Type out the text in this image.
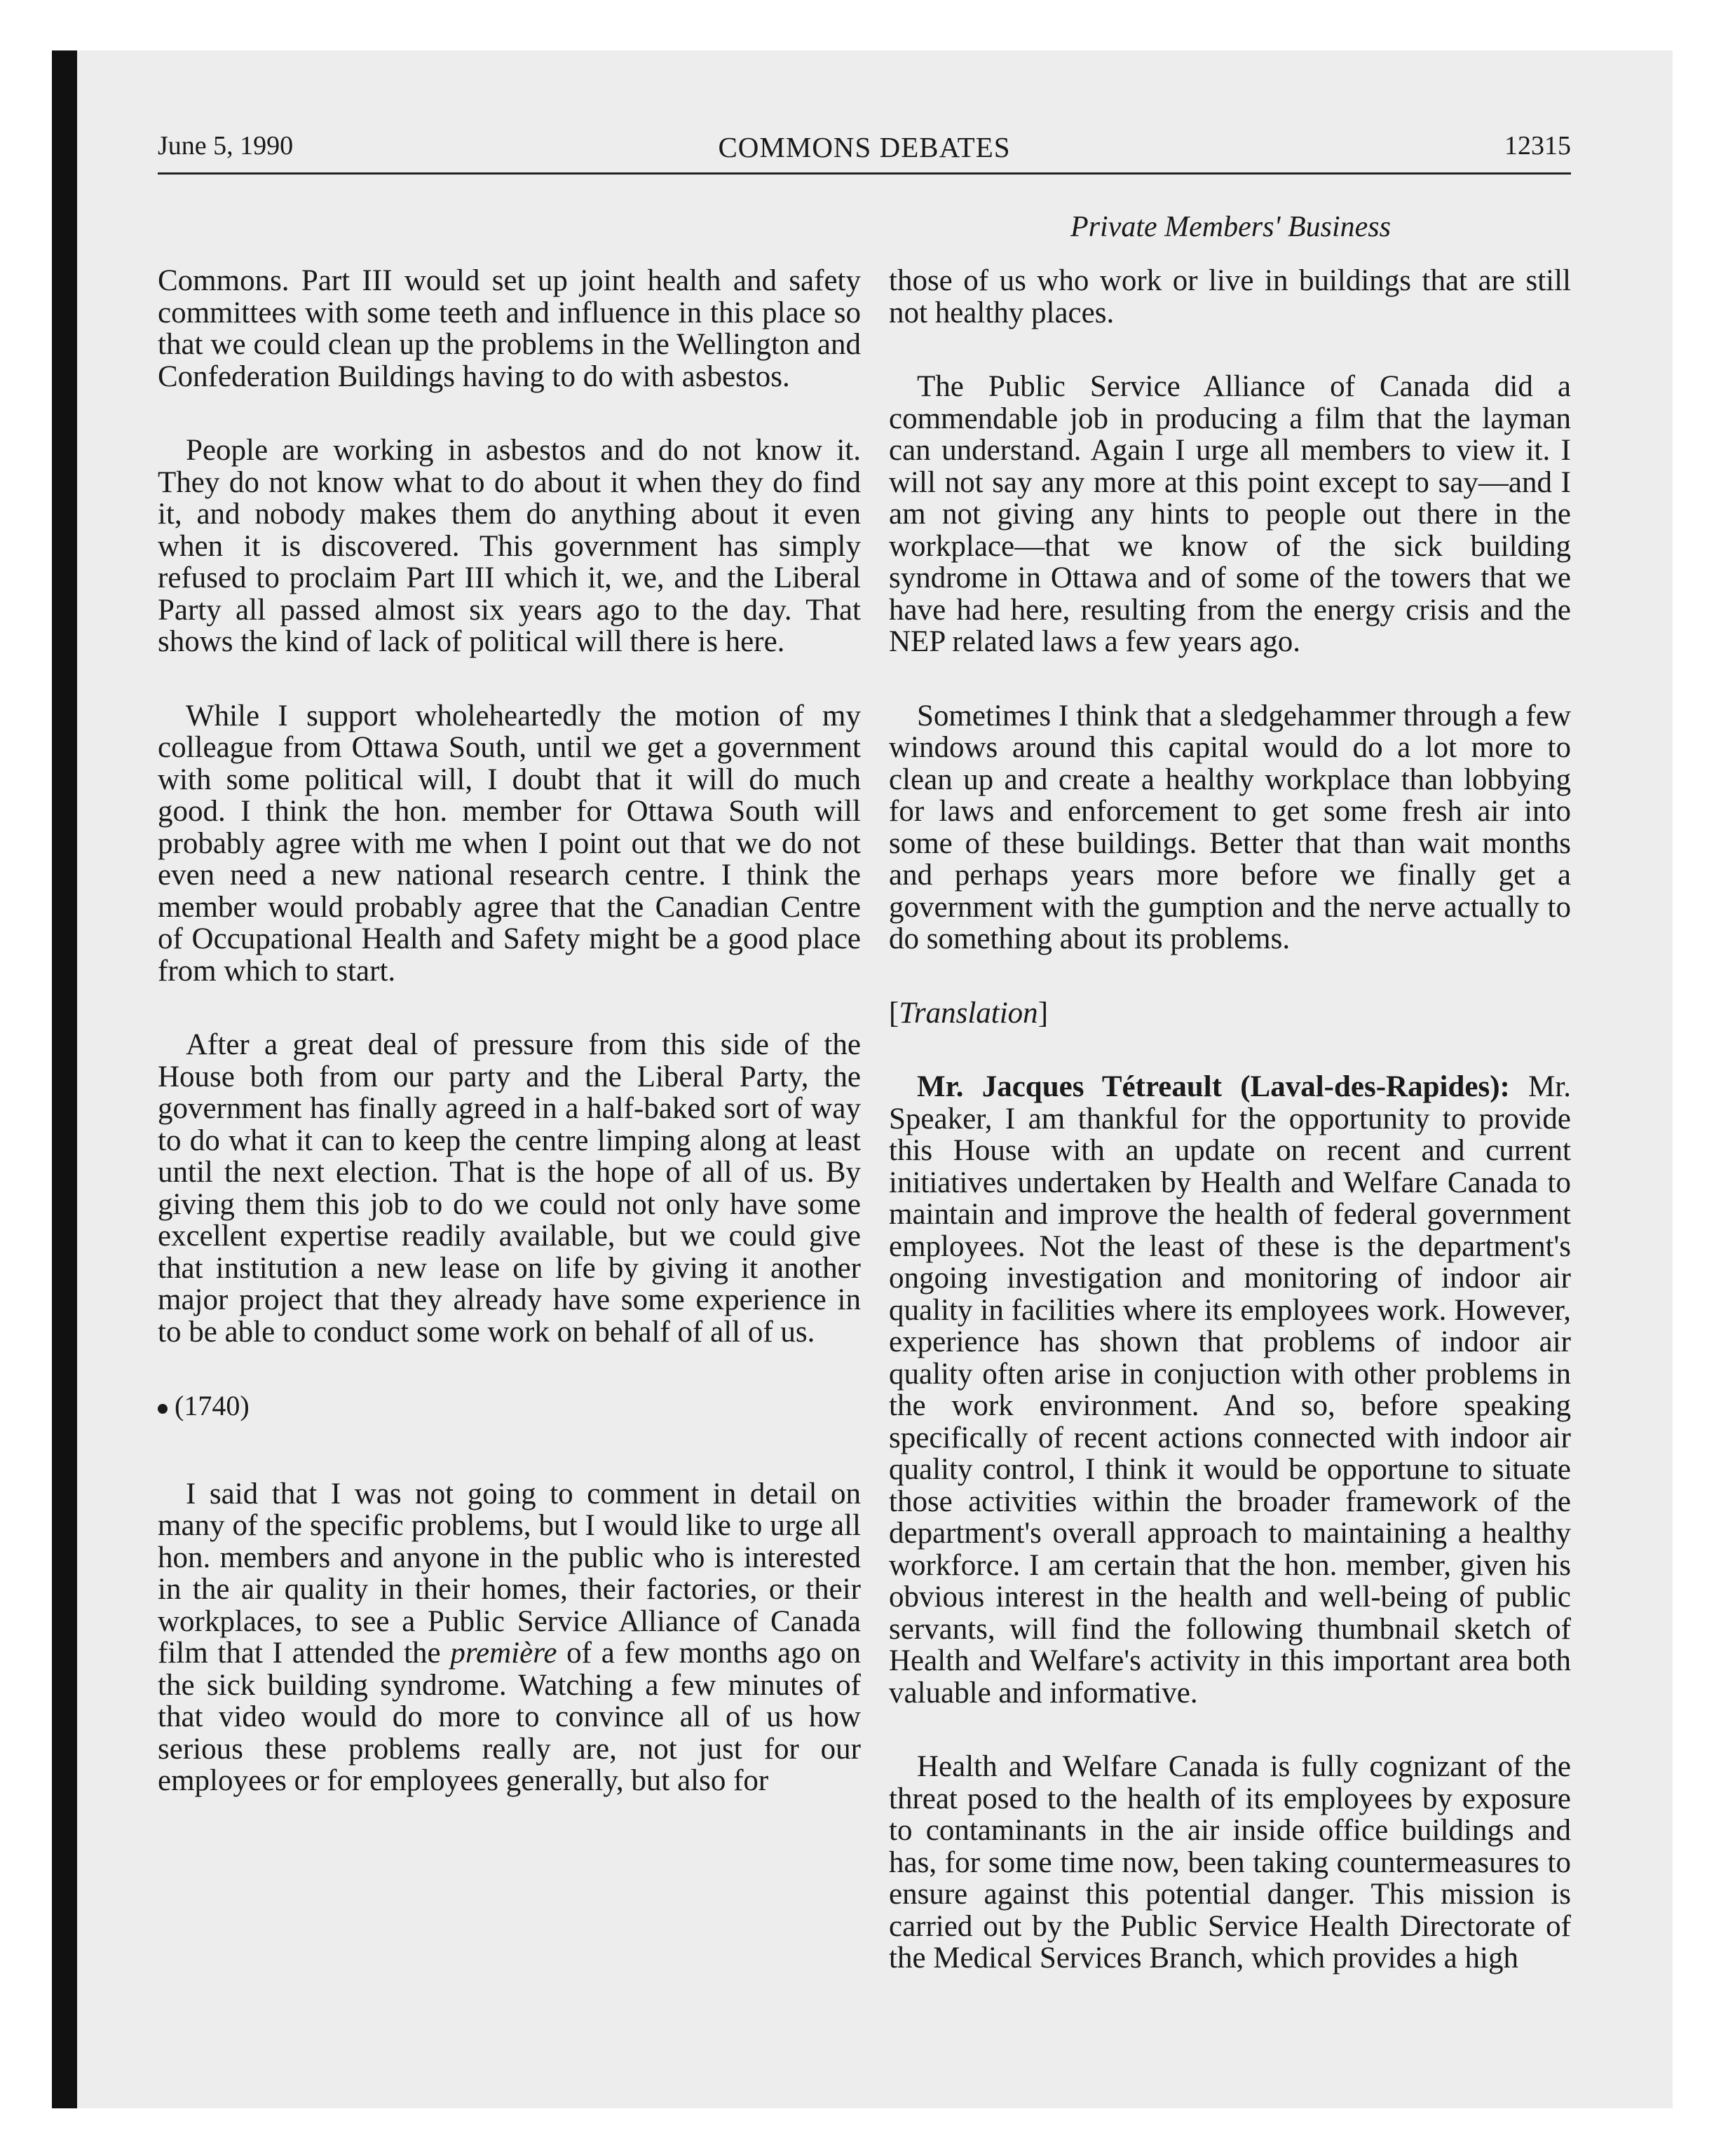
June 5, 1990	COMMONS DEBATES	12315
Private Members' Business

Commons. Part III would set up joint health and safety committees with some teeth and influence in this place so that we could clean up the problems in the Wellington and Confederation Buildings having to do with asbestos.

People are working in asbestos and do not know it. They do not know what to do about it when they do find it, and nobody makes them do anything about it even when it is discovered. This government has simply refused to proclaim Part III which it, we, and the Liberal Party all passed almost six years ago to the day. That shows the kind of lack of political will there is here.

While I support wholeheartedly the motion of my colleague from Ottawa South, until we get a government with some political will, I doubt that it will do much good. I think the hon. member for Ottawa South will probably agree with me when I point out that we do not even need a new national research centre. I think the member would probably agree that the Canadian Centre of Occupational Health and Safety might be a good place from which to start.

After a great deal of pressure from this side of the House both from our party and the Liberal Party, the government has finally agreed in a half-baked sort of way to do what it can to keep the centre limping along at least until the next election. That is the hope of all of us. By giving them this job to do we could not only have some excellent expertise readily available, but we could give that institution a new lease on life by giving it another major project that they already have some experience in to be able to conduct some work on behalf of all of us.

(1740)

I said that I was not going to comment in detail on many of the specific problems, but I would like to urge all hon. members and anyone in the public who is interested in the air quality in their homes, their factories, or their workplaces, to see a Public Service Alliance of Canada film that I attended the première of a few months ago on the sick building syndrome. Watching a few minutes of that video would do more to convince all of us how serious these problems really are, not just for our employees or for employees generally, but also for

those of us who work or live in buildings that are still not healthy places.

The Public Service Alliance of Canada did a commendable job in producing a film that the layman can understand. Again I urge all members to view it. I will not say any more at this point except to say—and I am not giving any hints to people out there in the workplace—that we know of the sick building syndrome in Ottawa and of some of the towers that we have had here, resulting from the energy crisis and the NEP related laws a few years ago.

Sometimes I think that a sledgehammer through a few windows around this capital would do a lot more to clean up and create a healthy workplace than lobbying for laws and enforcement to get some fresh air into some of these buildings. Better that than wait months and perhaps years more before we finally get a government with the gumption and the nerve actually to do something about its problems.

[Translation]

Mr. Jacques Tétreault (Laval-des-Rapides): Mr. Speaker, I am thankful for the opportunity to provide this House with an update on recent and current initiatives undertaken by Health and Welfare Canada to maintain and improve the health of federal government employees. Not the least of these is the department's ongoing investigation and monitoring of indoor air quality in facilities where its employees work. However, experience has shown that problems of indoor air quality often arise in conjuction with other problems in the work environment. And so, before speaking specifically of recent actions connected with indoor air quality control, I think it would be opportune to situate those activities within the broader framework of the department's overall approach to maintaining a healthy workforce. I am certain that the hon. member, given his obvious interest in the health and well-being of public servants, will find the following thumbnail sketch of Health and Welfare's activity in this important area both valuable and informative.

Health and Welfare Canada is fully cognizant of the threat posed to the health of its employees by exposure to contaminants in the air inside office buildings and has, for some time now, been taking countermeasures to ensure against this potential danger. This mission is carried out by the Public Service Health Directorate of the Medical Services Branch, which provides a high
